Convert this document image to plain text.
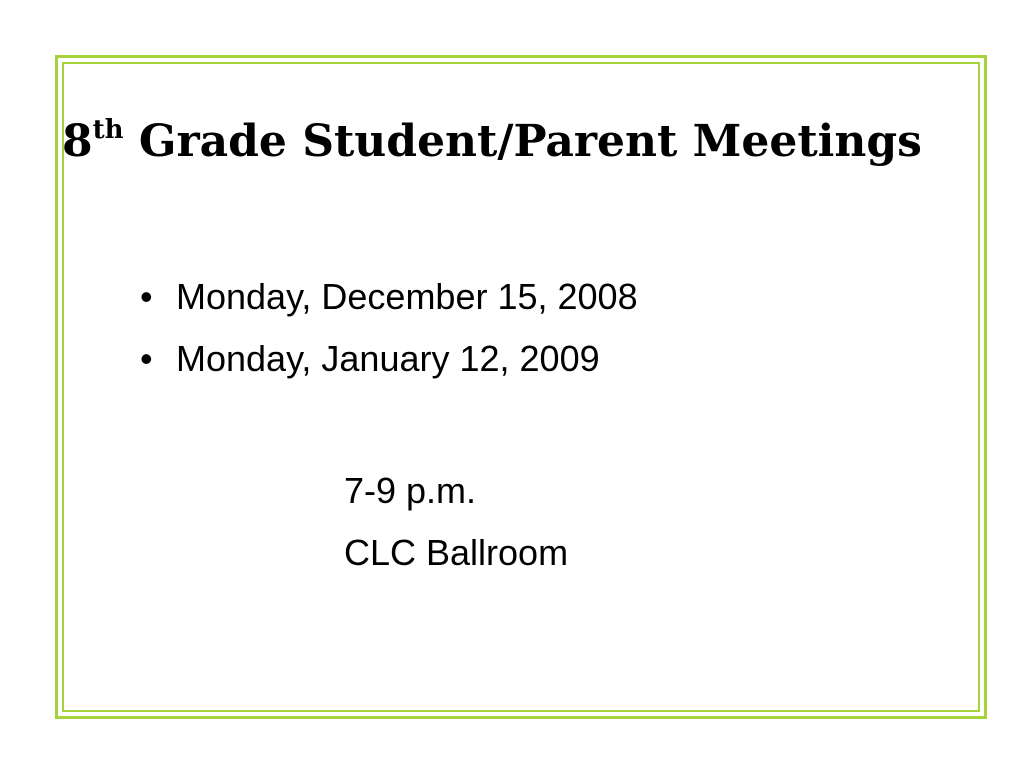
8th Grade Student/Parent Meetings
• Monday, December 15, 2008
• Monday, January 12, 2009
7-9 p.m.
CLC Ballroom
